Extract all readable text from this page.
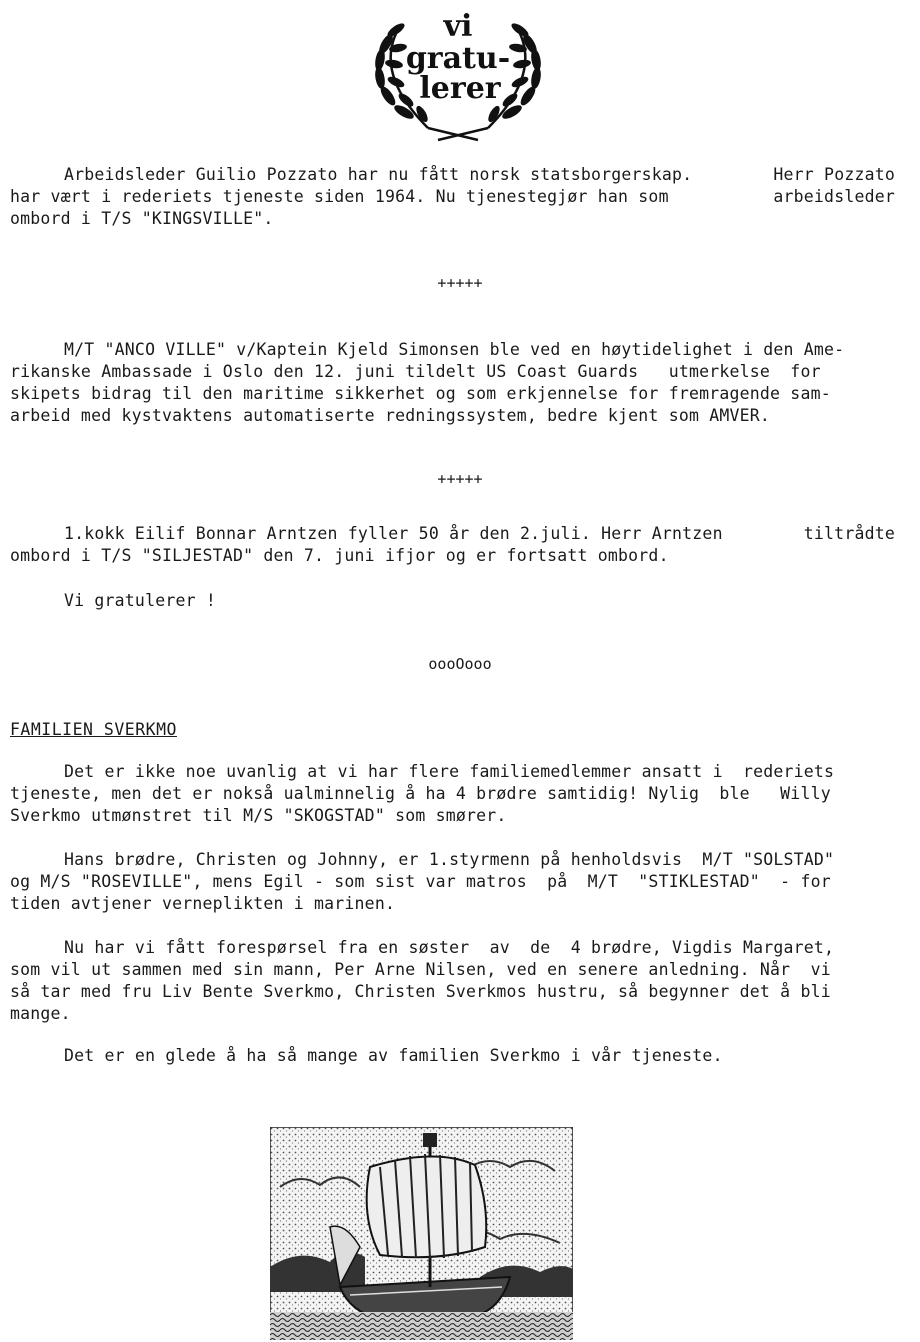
vi
gratu-
lerer
Arbeidsleder Guilio Pozzato har nu fått norsk statsborgerskap.	Herr Pozzato
har vært i rederiets tjeneste siden 1964. Nu tjenestegjør han som	arbeidsleder
ombord i T/S "KINGSVILLE".
+++++
M/T "ANCO VILLE" v/Kaptein Kjeld Simonsen ble ved en høytidelighet i den Ame-
rikanske Ambassade i Oslo den 12. juni tildelt US Coast Guards   utmerkelse  for
skipets bidrag til den maritime sikkerhet og som erkjennelse for fremragende sam-
arbeid med kystvaktens automatiserte redningssystem, bedre kjent som AMVER.
+++++
1.kokk Eilif Bonnar Arntzen fyller 50 år den 2.juli. Herr Arntzen	tiltrådte
ombord i T/S "SILJESTAD" den 7. juni ifjor og er fortsatt ombord.
Vi gratulerer !
oooOooo
FAMILIEN SVERKMO
Det er ikke noe uvanlig at vi har flere familiemedlemmer ansatt i  rederiets
tjeneste, men det er nokså ualminnelig å ha 4 brødre samtidig! Nylig  ble   Willy
Sverkmo utmønstret til M/S "SKOGSTAD" som smører.
Hans brødre, Christen og Johnny, er 1.styrmenn på henholdsvis  M/T "SOLSTAD"
og M/S "ROSEVILLE", mens Egil - som sist var matros  på  M/T  "STIKLESTAD"  - for
tiden avtjener verneplikten i marinen.
Nu har vi fått forespørsel fra en søster  av  de  4 brødre, Vigdis Margaret,
som vil ut sammen med sin mann, Per Arne Nilsen, ved en senere anledning. Når  vi
så tar med fru Liv Bente Sverkmo, Christen Sverkmos hustru, så begynner det å bli
mange.
Det er en glede å ha så mange av familien Sverkmo i vår tjeneste.
